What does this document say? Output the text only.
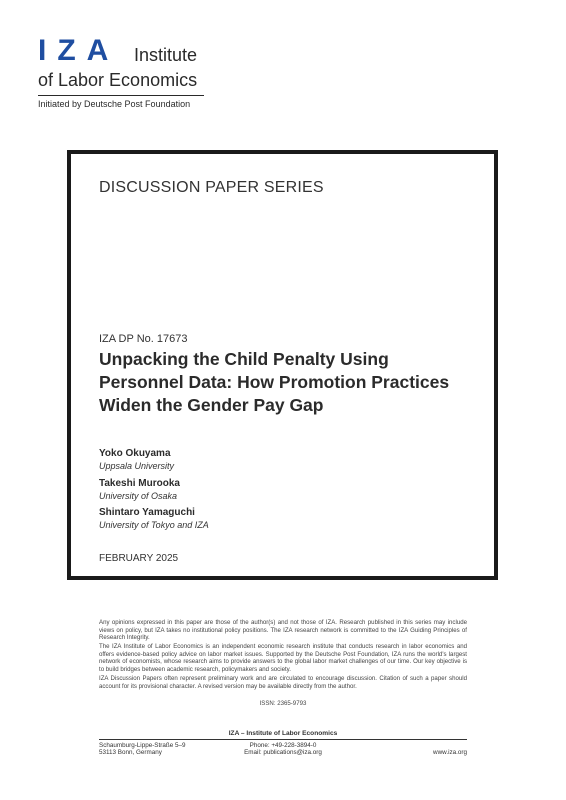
IZA Institute
of Labor Economics
Initiated by Deutsche Post Foundation
DISCUSSION PAPER SERIES
IZA DP No. 17673
Unpacking the Child Penalty Using
Personnel Data: How Promotion Practices
Widen the Gender Pay Gap
Yoko Okuyama
Uppsala University
Takeshi Murooka
University of Osaka
Shintaro Yamaguchi
University of Tokyo and IZA
FEBRUARY 2025

Any opinions expressed in this paper are those of the author(s) and not those of IZA. Research published in this series may include views on policy, but IZA takes no institutional policy positions. The IZA research network is committed to the IZA Guiding Principles of Research Integrity.

The IZA Institute of Labor Economics is an independent economic research institute that conducts research in labor economics and offers evidence-based policy advice on labor market issues. Supported by the Deutsche Post Foundation, IZA runs the world's largest network of economists, whose research aims to provide answers to the global labor market challenges of our time. Our key objective is to build bridges between academic research, policymakers and society.

IZA Discussion Papers often represent preliminary work and are circulated to encourage discussion. Citation of such a paper should account for its provisional character. A revised version may be available directly from the author.

ISSN: 2365-9793
IZA – Institute of Labor Economics
Schaumburg-Lippe-Straße 5–9
53113 Bonn, Germany
Phone: +49-228-3894-0
Email: publications@iza.org	www.iza.org
